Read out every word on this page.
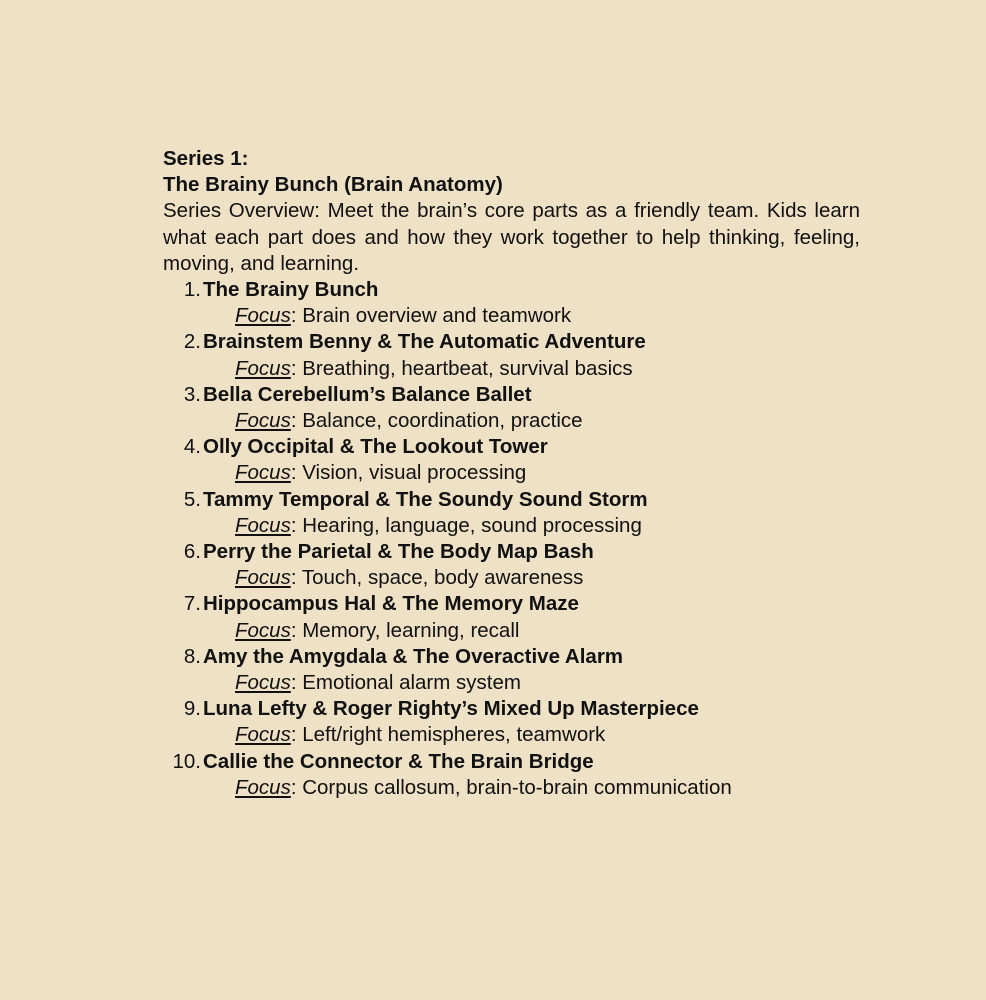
Series 1:
The Brainy Bunch (Brain Anatomy)
Series Overview: Meet the brain’s core parts as a friendly team. Kids learn what each part does and how they work together to help thinking, feeling, moving, and learning.
1. The Brainy Bunch
Focus: Brain overview and teamwork
2. Brainstem Benny & The Automatic Adventure
Focus: Breathing, heartbeat, survival basics
3. Bella Cerebellum’s Balance Ballet
Focus: Balance, coordination, practice
4. Olly Occipital & The Lookout Tower
Focus: Vision, visual processing
5. Tammy Temporal & The Soundy Sound Storm
Focus: Hearing, language, sound processing
6. Perry the Parietal & The Body Map Bash
Focus: Touch, space, body awareness
7. Hippocampus Hal & The Memory Maze
Focus: Memory, learning, recall
8. Amy the Amygdala & The Overactive Alarm
Focus: Emotional alarm system
9. Luna Lefty & Roger Righty’s Mixed Up Masterpiece
Focus: Left/right hemispheres, teamwork
10. Callie the Connector & The Brain Bridge
Focus: Corpus callosum, brain-to-brain communication
